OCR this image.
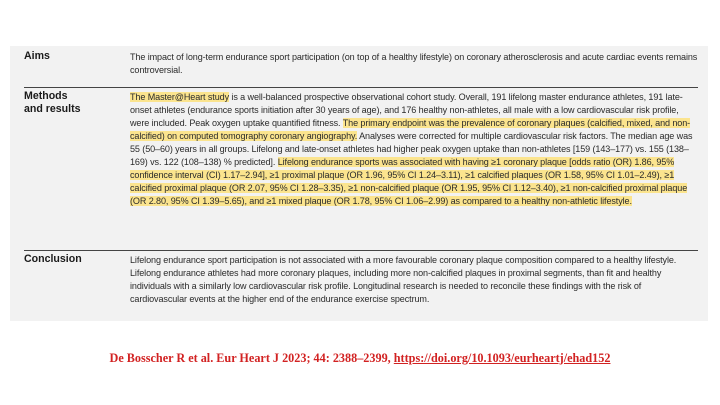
Aims	The impact of long-term endurance sport participation (on top of a healthy lifestyle) on coronary atherosclerosis and acute cardiac events remains controversial.
Methods
and results
The Master@Heart study is a well-balanced prospective observational cohort study. Overall, 191 lifelong master endurance athletes, 191 late-onset athletes (endurance sports initiation after 30 years of age), and 176 healthy non-athletes, all male with a low cardiovascular risk profile, were included. Peak oxygen uptake quantified fitness. The primary endpoint was the prevalence of coronary plaques (calcified, mixed, and non-calcified) on computed tomography coronary angiography. Analyses were corrected for multiple cardiovascular risk factors. The median age was 55 (50–60) years in all groups. Lifelong and late-onset athletes had higher peak oxygen uptake than non-athletes [159 (143–177) vs. 155 (138–169) vs. 122 (108–138) % predicted]. Lifelong endurance sports was associated with having ≥1 coronary plaque [odds ratio (OR) 1.86, 95% confidence interval (CI) 1.17–2.94], ≥1 proximal plaque (OR 1.96, 95% CI 1.24–3.11), ≥1 calcified plaques (OR 1.58, 95% CI 1.01–2.49), ≥1 calcified proximal plaque (OR 2.07, 95% CI 1.28–3.35), ≥1 non-calcified plaque (OR 1.95, 95% CI 1.12–3.40), ≥1 non-calcified proximal plaque (OR 2.80, 95% CI 1.39–5.65), and ≥1 mixed plaque (OR 1.78, 95% CI 1.06–2.99) as compared to a healthy non-athletic lifestyle.
Conclusion	Lifelong endurance sport participation is not associated with a more favourable coronary plaque composition compared to a healthy lifestyle. Lifelong endurance athletes had more coronary plaques, including more non-calcified plaques in proximal segments, than fit and healthy individuals with a similarly low cardiovascular risk profile. Longitudinal research is needed to reconcile these findings with the risk of cardiovascular events at the higher end of the endurance exercise spectrum.
De Bosscher R et al. Eur Heart J 2023; 44: 2388–2399, https://doi.org/10.1093/eurheartj/ehad152
